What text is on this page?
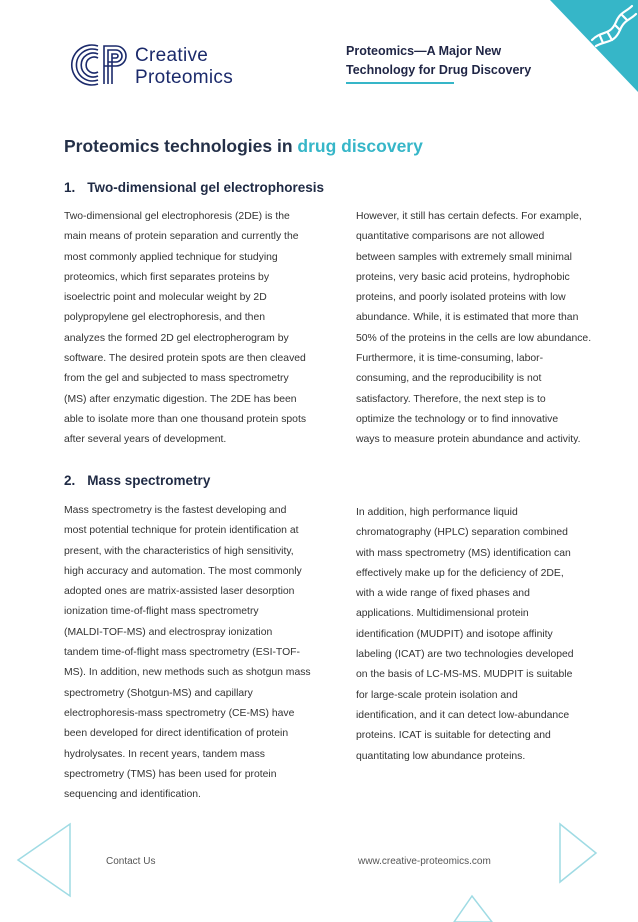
Creative
Proteomics
Proteomics—A Major New
Technology for Drug Discovery
Proteomics technologies in drug discovery
1. Two-dimensional gel electrophoresis
Two-dimensional gel electrophoresis (2DE) is the
main means of protein separation and currently the
most commonly applied technique for studying
proteomics, which first separates proteins by
isoelectric point and molecular weight by 2D
polypropylene gel electrophoresis, and then
analyzes the formed 2D gel electropherogram by
software. The desired protein spots are then cleaved
from the gel and subjected to mass spectrometry
(MS) after enzymatic digestion. The 2DE has been
able to isolate more than one thousand protein spots
after several years of development.
However, it still has certain defects. For example,
quantitative comparisons are not allowed
between samples with extremely small minimal
proteins, very basic acid proteins, hydrophobic
proteins, and poorly isolated proteins with low
abundance. While, it is estimated that more than
50% of the proteins in the cells are low abundance.
Furthermore, it is time-consuming, labor-
consuming, and the reproducibility is not
satisfactory. Therefore, the next step is to
optimize the technology or to find innovative
ways to measure protein abundance and activity.
2. Mass spectrometry
Mass spectrometry is the fastest developing and
most potential technique for protein identification at
present, with the characteristics of high sensitivity,
high accuracy and automation. The most commonly
adopted ones are matrix-assisted laser desorption
ionization time-of-flight mass spectrometry
(MALDI-TOF-MS) and electrospray ionization
tandem time-of-flight mass spectrometry (ESI-TOF-
MS). In addition, new methods such as shotgun mass
spectrometry (Shotgun-MS) and capillary
electrophoresis-mass spectrometry (CE-MS) have
been developed for direct identification of protein
hydrolysates. In recent years, tandem mass
spectrometry (TMS) has been used for protein
sequencing and identification.
In addition, high performance liquid
chromatography (HPLC) separation combined
with mass spectrometry (MS) identification can
effectively make up for the deficiency of 2DE,
with a wide range of fixed phases and
applications. Multidimensional protein
identification (MUDPIT) and isotope affinity
labeling (ICAT) are two technologies developed
on the basis of LC-MS-MS. MUDPIT is suitable
for large-scale protein isolation and
identification, and it can detect low-abundance
proteins. ICAT is suitable for detecting and
quantitating low abundance proteins.
Contact Us	www.creative-proteomics.com
